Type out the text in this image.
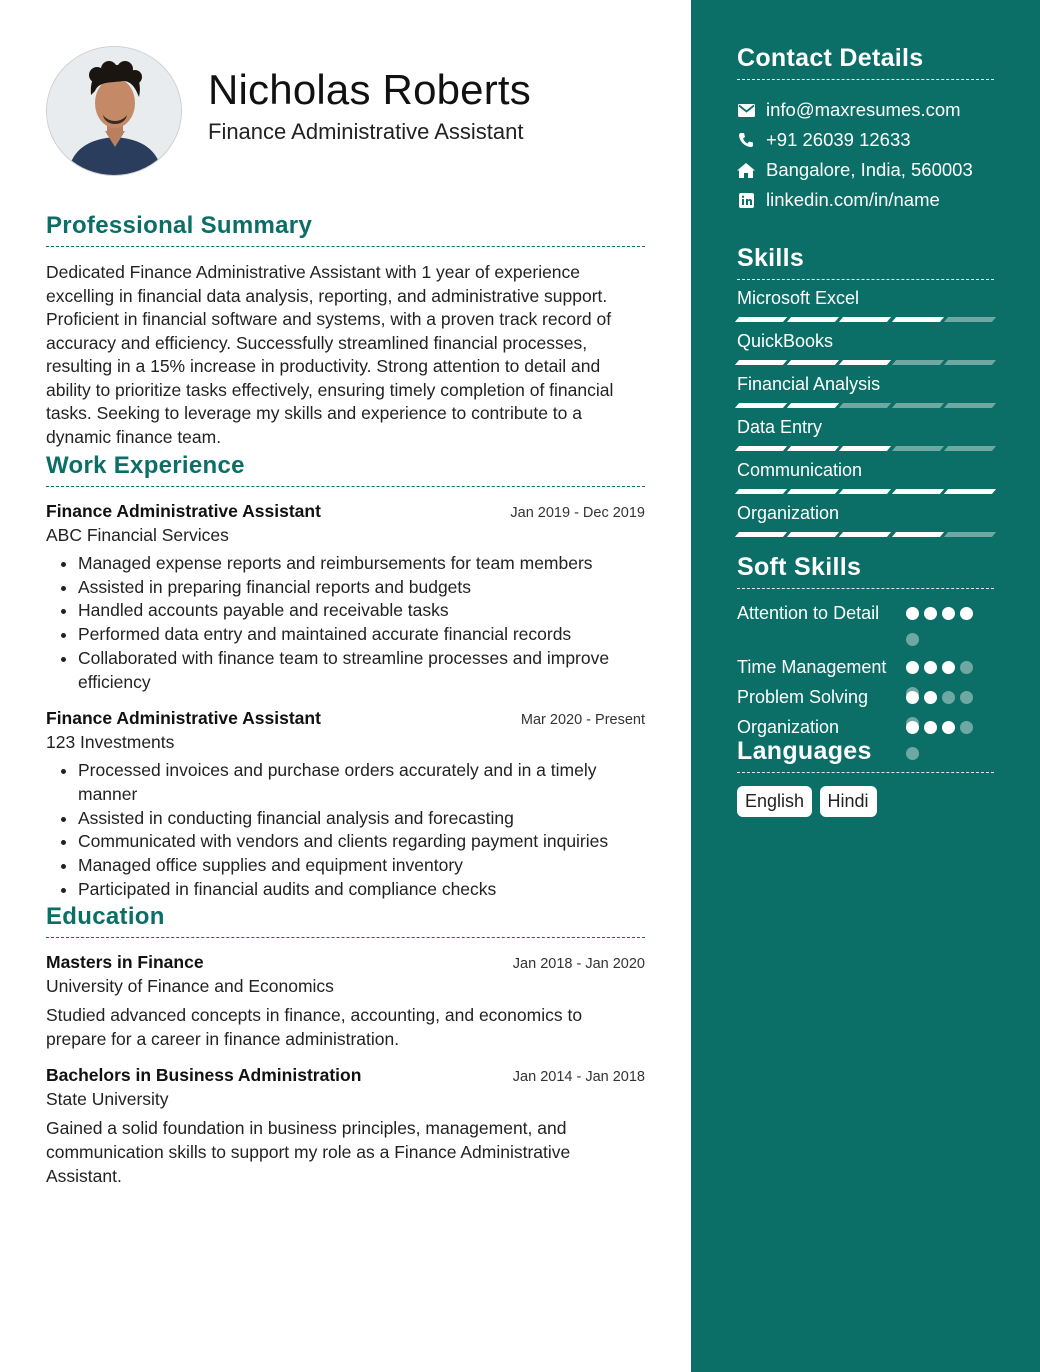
Nicholas Roberts
Finance Administrative Assistant
Professional Summary

Dedicated Finance Administrative Assistant with 1 year of experience excelling in financial data analysis, reporting, and administrative support. Proficient in financial software and systems, with a proven track record of accuracy and efficiency. Successfully streamlined financial processes, resulting in a 15% increase in productivity. Strong attention to detail and ability to prioritize tasks effectively, ensuring timely completion of financial tasks. Seeking to leverage my skills and experience to contribute to a dynamic finance team.

Work Experience
Finance Administrative Assistant	Jan 2019 - Dec 2019
ABC Financial Services
• Managed expense reports and reimbursements for team members
• Assisted in preparing financial reports and budgets
• Handled accounts payable and receivable tasks
• Performed data entry and maintained accurate financial records
• Collaborated with finance team to streamline processes and improve efficiency
Finance Administrative Assistant	Mar 2020 - Present
123 Investments
• Processed invoices and purchase orders accurately and in a timely manner
• Assisted in conducting financial analysis and forecasting
• Communicated with vendors and clients regarding payment inquiries
• Managed office supplies and equipment inventory
• Participated in financial audits and compliance checks
Education
Masters in Finance	Jan 2018 - Jan 2020
University of Finance and Economics

Studied advanced concepts in finance, accounting, and economics to prepare for a career in finance administration.

Bachelors in Business Administration	Jan 2014 - Jan 2018
State University

Gained a solid foundation in business principles, management, and communication skills to support my role as a Finance Administrative Assistant.

Contact Details
info@maxresumes.com
+91 26039 12633
Bangalore, India, 560003
linkedin.com/in/name
Skills
Microsoft Excel
QuickBooks
Financial Analysis
Data Entry
Communication
Organization
Soft Skills
Attention to Detail
Time Management
Problem Solving
Organization
Languages
English Hindi
